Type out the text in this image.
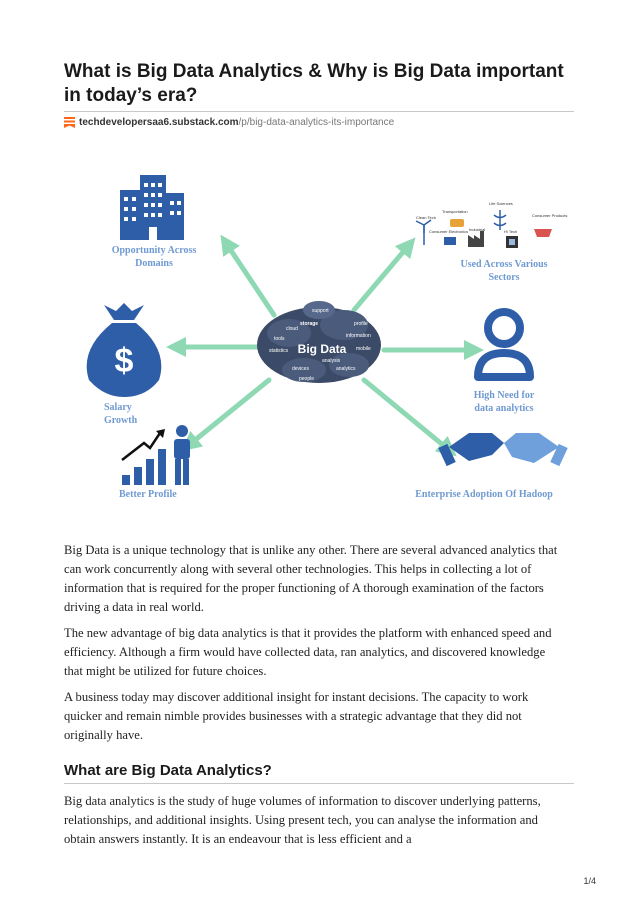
What is Big Data Analytics & Why is Big Data important in today’s era?
techdevelopersaa6.substack.com/p/big-data-analytics-its-importance
Big Data
cloud
storage
statistics	mobile
analytics
profile
support
information
people
devices
tools
analysis
Opportunity Across
Domains
Clean Tech
Transportation
Life Sciences
Consumer Products
Consumer Electronics Industrial	Hi Tech
Used Across Various
Sectors
$
Salary
Growth
High Need for
data analytics
Better Profile	Enterprise Adoption Of Hadoop

Big Data is a unique technology that is unlike any other. There are several advanced analytics that can work concurrently along with several other technologies. This helps in collecting a lot of information that is required for the proper functioning of A thorough examination of the factors driving a data in real world.

The new advantage of big data analytics is that it provides the platform with enhanced speed and efficiency. Although a firm would have collected data, ran analytics, and discovered knowledge that might be utilized for future choices.

A business today may discover additional insight for instant decisions. The capacity to work quicker and remain nimble provides businesses with a strategic advantage that they did not originally have.

What are Big Data Analytics?

Big data analytics is the study of huge volumes of information to discover underlying patterns, relationships, and additional insights. Using present tech, you can analyse the information and obtain answers instantly. It is an endeavour that is less efficient and a

1/4
